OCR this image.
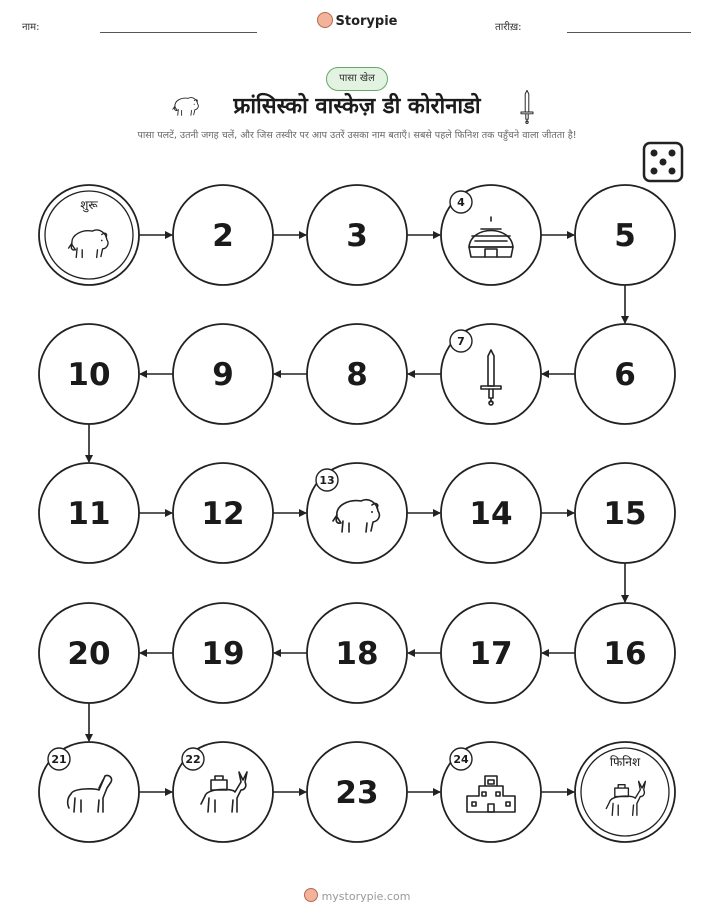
नाम:	Storypie	तारीख़:
पासा खेल
फ्रांसिस्को वास्केज़ डी कोरोनाडो
पासा पलटें, उतनी जगह चलें, और जिस तस्वीर पर आप उतरें उसका नाम बताएँ। सबसे पहले फिनिश तक पहुँचने वाला जीतता है!
शुरू
2	3
4
5
6
7
8
9
10
11	12
13
14	15
16
17
18
19
20
21	22
23
24	फिनिश
mystorypie.com
